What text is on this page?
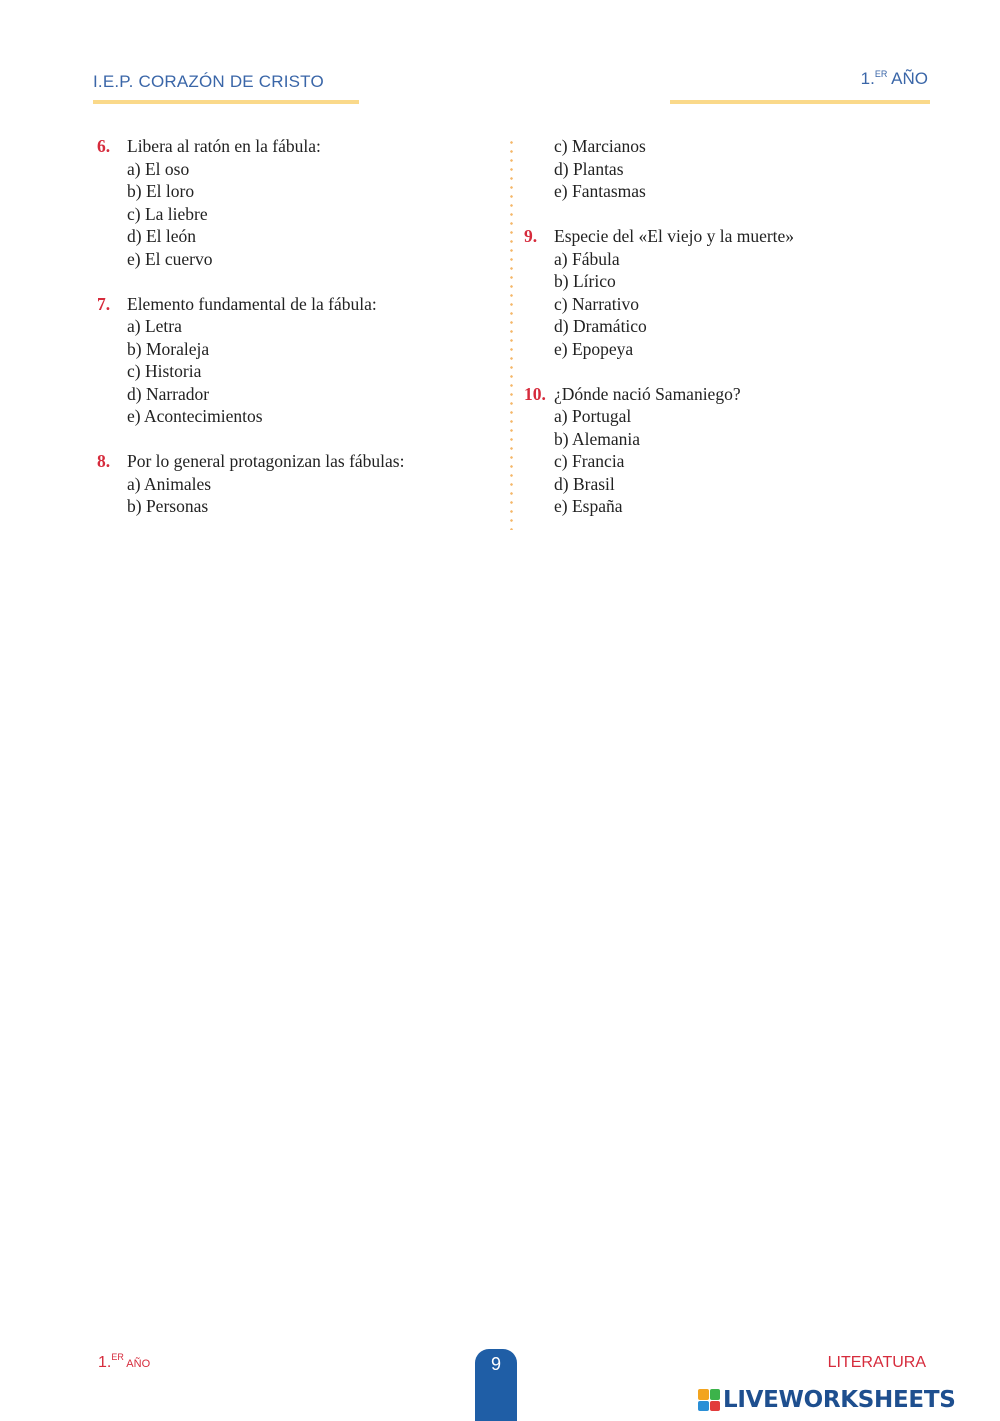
I.E.P. CORAZÓN DE CRISTO	1.$^{ER}$ AÑO
6. Libera al ratón en la fábula:
a) El oso
b) El loro
c) La liebre
d) El león
e) El cuervo
7. Elemento fundamental de la fábula:
a) Letra
b) Moraleja
c) Historia
d) Narrador
e) Acontecimientos
8. Por lo general protagonizan las fábulas:
a) Animales
b) Personas
c) Marcianos
d) Plantas
e) Fantasmas
9. Especie del «El viejo y la muerte»
a) Fábula
b) Lírico
c) Narrativo
d) Dramático
e) Epopeya
10. ¿Dónde nació Samaniego?
a) Portugal
b) Alemania
c) Francia
d) Brasil
e) España
1.$^{ER}$ AÑO	9	LITERATURA
LIVEWORKSHEETS
